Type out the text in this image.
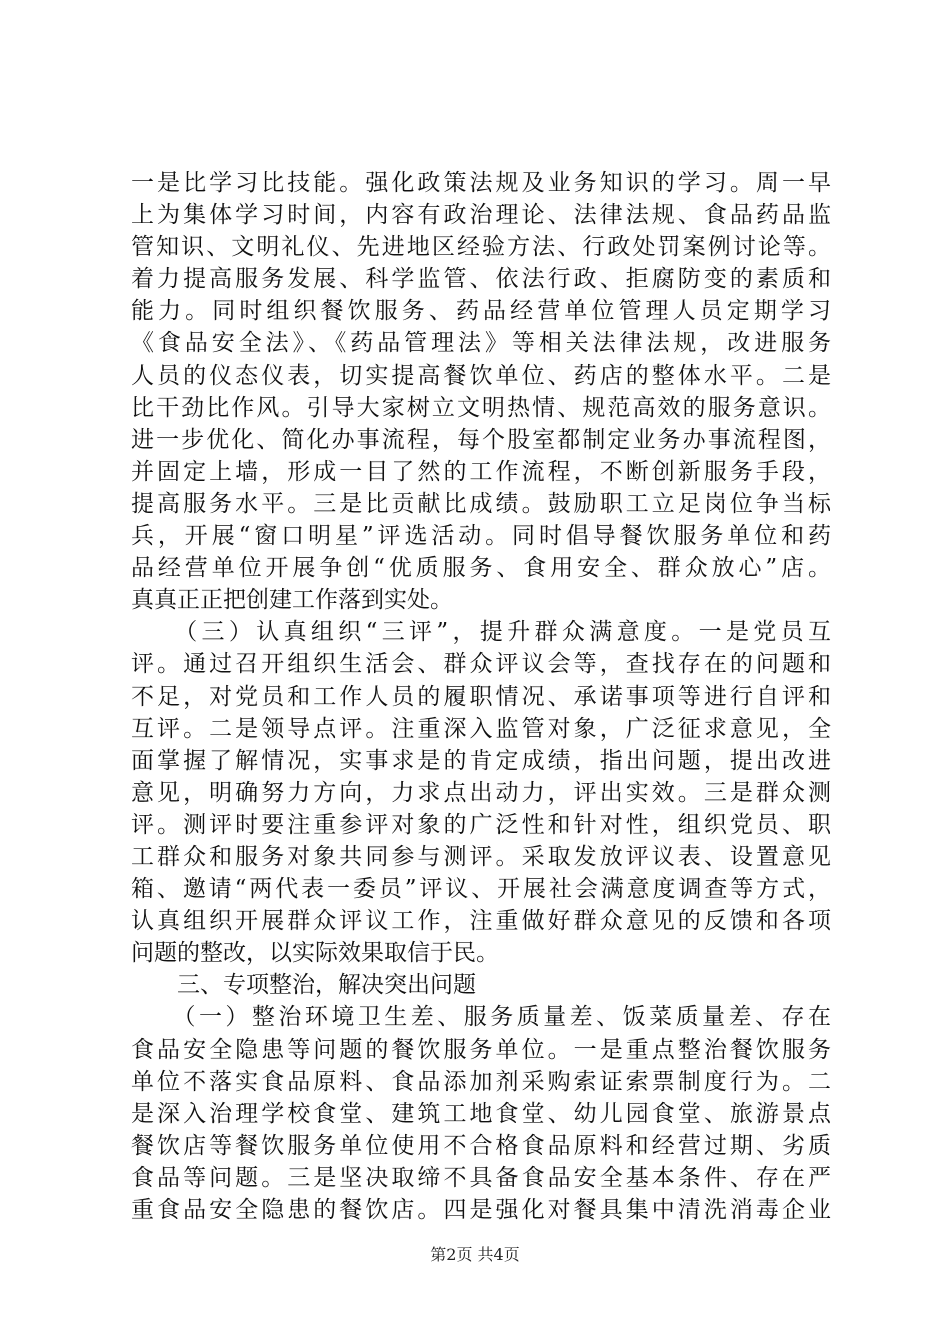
一是比学习比技能。强化政策法规及业务知识的学习。周一早
上为集体学习时间，内容有政治理论、法律法规、食品药品监
管知识、文明礼仪、先进地区经验方法、行政处罚案例讨论等。
着力提高服务发展、科学监管、依法行政、拒腐防变的素质和
能力。同时组织餐饮服务、药品经营单位管理人员定期学习
《食品安全法》、《药品管理法》等相关法律法规，改进服务
人员的仪态仪表，切实提高餐饮单位、药店的整体水平。二是
比干劲比作风。引导大家树立文明热情、规范高效的服务意识。
进一步优化、简化办事流程，每个股室都制定业务办事流程图，
并固定上墙，形成一目了然的工作流程，不断创新服务手段，
提高服务水平。三是比贡献比成绩。鼓励职工立足岗位争当标
兵，开展“窗口明星”评选活动。同时倡导餐饮服务单位和药
品经营单位开展争创“优质服务、食用安全、群众放心”店。
真真正正把创建工作落到实处。
　　（三）认真组织“三评”，提升群众满意度。一是党员互
评。通过召开组织生活会、群众评议会等，查找存在的问题和
不足，对党员和工作人员的履职情况、承诺事项等进行自评和
互评。二是领导点评。注重深入监管对象，广泛征求意见，全
面掌握了解情况，实事求是的肯定成绩，指出问题，提出改进
意见，明确努力方向，力求点出动力，评出实效。三是群众测
评。测评时要注重参评对象的广泛性和针对性，组织党员、职
工群众和服务对象共同参与测评。采取发放评议表、设置意见
箱、邀请“两代表一委员”评议、开展社会满意度调查等方式，
认真组织开展群众评议工作，注重做好群众意见的反馈和各项
问题的整改，以实际效果取信于民。
　　三、专项整治，解决突出问题
　　（一）整治环境卫生差、服务质量差、饭菜质量差、存在
食品安全隐患等问题的餐饮服务单位。一是重点整治餐饮服务
单位不落实食品原料、食品添加剂采购索证索票制度行为。二
是深入治理学校食堂、建筑工地食堂、幼儿园食堂、旅游景点
餐饮店等餐饮服务单位使用不合格食品原料和经营过期、劣质
食品等问题。三是坚决取缔不具备食品安全基本条件、存在严
重食品安全隐患的餐饮店。四是强化对餐具集中清洗消毒企业
第2页 共4页
